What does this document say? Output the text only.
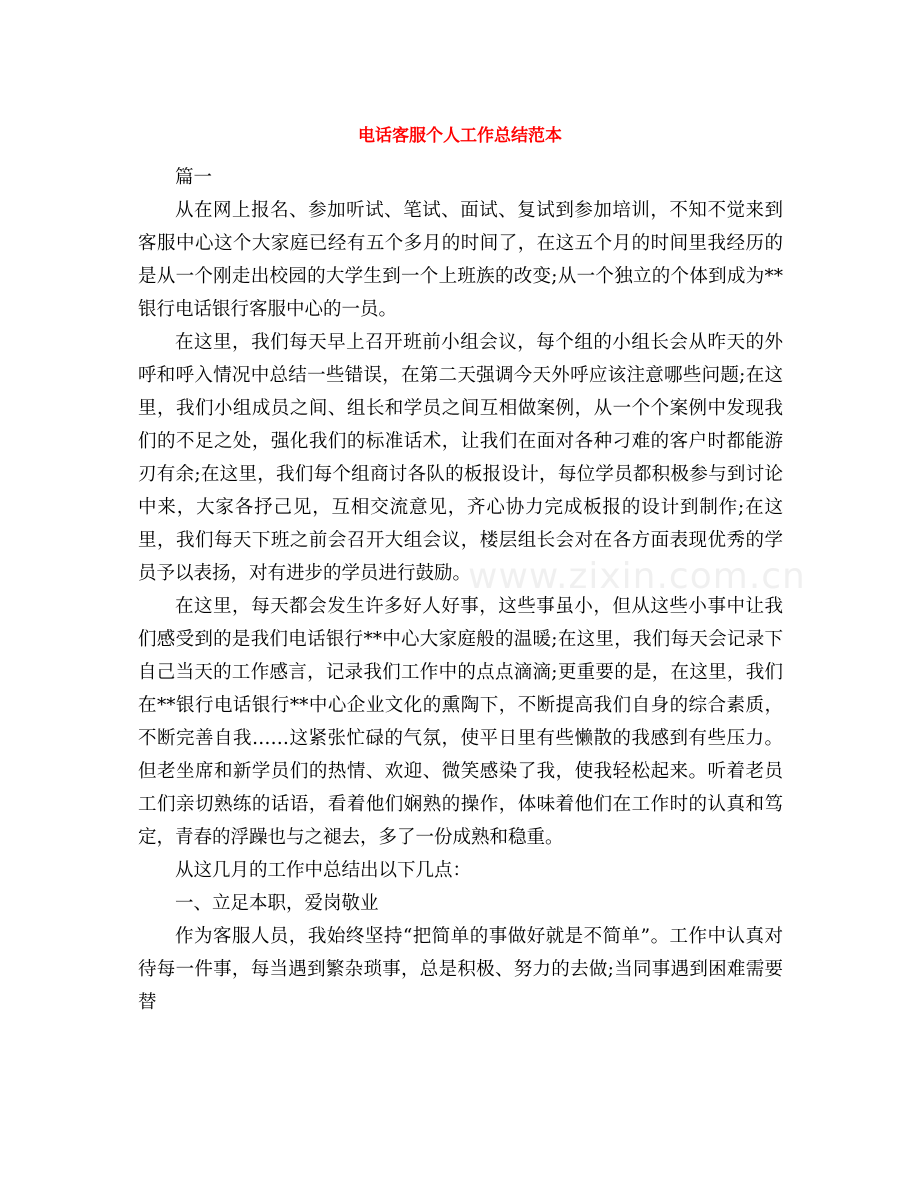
电话客服个人工作总结范本

篇一

从在网上报名、参加听试、笔试、面试、复试到参加培训，不知不觉来到客服中心这个大家庭已经有五个多月的时间了，在这五个月的时间里我经历的是从一个刚走出校园的大学生到一个上班族的改变;从一个独立的个体到成为**银行电话银行客服中心的一员。

在这里，我们每天早上召开班前小组会议，每个组的小组长会从昨天的外呼和呼入情况中总结一些错误，在第二天强调今天外呼应该注意哪些问题;在这里，我们小组成员之间、组长和学员之间互相做案例，从一个个案例中发现我们的不足之处，强化我们的标准话术，让我们在面对各种刁难的客户时都能游刃有余;在这里，我们每个组商讨各队的板报设计，每位学员都积极参与到讨论中来，大家各抒己见，互相交流意见，齐心协力完成板报的设计到制作;在这里，我们每天下班之前会召开大组会议，楼层组长会对在各方面表现优秀的学员予以表扬，对有进步的学员进行鼓励。

在这里，每天都会发生许多好人好事，这些事虽小，但从这些小事中让我们感受到的是我们电话银行**中心大家庭般的温暖;在这里，我们每天会记录下自己当天的工作感言，记录我们工作中的点点滴滴;更重要的是，在这里，我们在**银行电话银行**中心企业文化的熏陶下，不断提高我们自身的综合素质，不断完善自我……这紧张忙碌的气氛，使平日里有些懒散的我感到有些压力。但老坐席和新学员们的热情、欢迎、微笑感染了我，使我轻松起来。听着老员工们亲切熟练的话语，看着他们娴熟的操作，体味着他们在工作时的认真和笃定，青春的浮躁也与之褪去，多了一份成熟和稳重。

从这几月的工作中总结出以下几点：

一、立足本职，爱岗敬业

作为客服人员，我始终坚持“把简单的事做好就是不简单”。工作中认真对待每一件事，每当遇到繁杂琐事，总是积极、努力的去做;当同事遇到困难需要替

www.zixin.com.cn
